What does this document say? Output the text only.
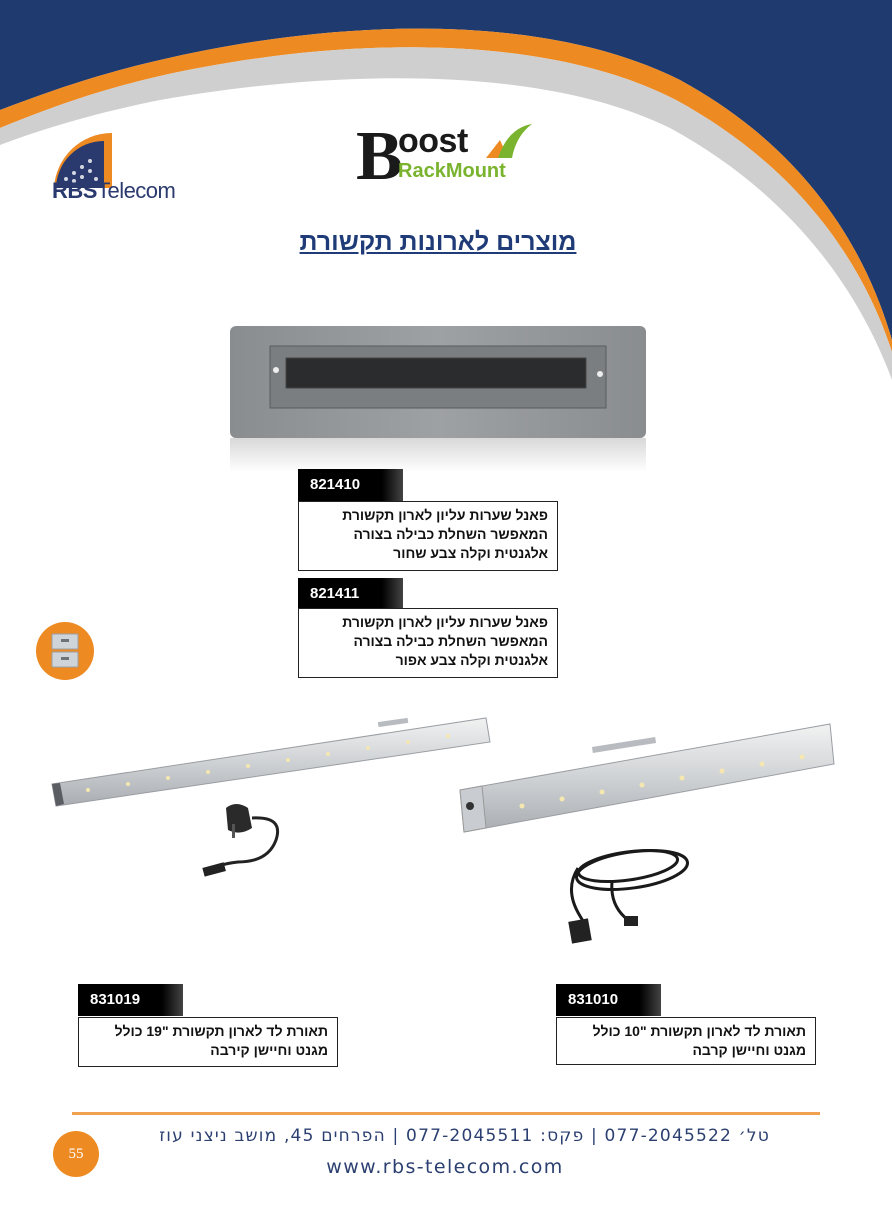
RBSTelecom	B
oost
RackMount
מוצרים לארונות תקשורת
821410
פאנל שערות עליון לארון תקשורת
המאפשר השחלת כבילה בצורה
אלגנטית וקלה צבע שחור
821411
פאנל שערות עליון לארון תקשורת
המאפשר השחלת כבילה בצורה
אלגנטית וקלה צבע אפור
831019
תאורת לד לארון תקשורת "19 כולל
מגנט וחיישן קירבה
831010
תאורת לד לארון תקשורת "10 כולל
מגנט וחיישן קרבה
טל׳ 077-2045522 | פקס: 077-2045511 | הפרחים 45, מושב ניצני עוז
www.rbs-telecom.com
55
